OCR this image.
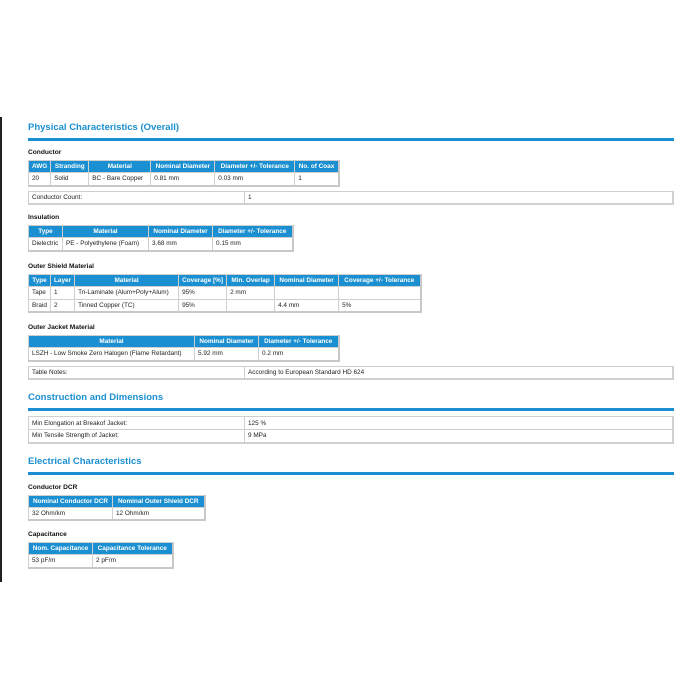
Physical Characteristics (Overall)
Conductor
AWG	Stranding	Material	Nominal Diameter	Diameter +/- Tolerance	No. of Coax
20	Solid	BC - Bare Copper	0.81 mm	0.03 mm	1
Conductor Count:	1
Insulation
Type	Material	Nominal Diameter	Diameter +/- Tolerance
Dielectric	PE - Polyethylene (Foam)	3.68 mm	0.15 mm
Outer Shield Material
Type	Layer	Material	Coverage [%]	Min. Overlap	Nominal Diameter	Coverage +/- Tolerance
Tape	1	Tri-Laminate (Alum+Poly+Alum)	95%	2 mm		
Braid	2	Tinned Copper (TC)	95%		4.4 mm	5%
Outer Jacket Material
Material	Nominal Diameter	Diameter +/- Tolerance
LSZH - Low Smoke Zero Halogen (Flame Retardant)	5.92 mm	0.2 mm
Table Notes:	According to European Standard HD 624
Construction and Dimensions
Min Elongation at Breakof Jacket:	125 %
Min Tensile Strength of Jacket:	9 MPa
Electrical Characteristics
Conductor DCR
Nominal Conductor DCR	Nominal Outer Shield DCR
32 Ohm/km	12 Ohm/km
Capacitance
Nom. Capacitance	Capacitance Tolerance
53 pF/m	2 pF/m
